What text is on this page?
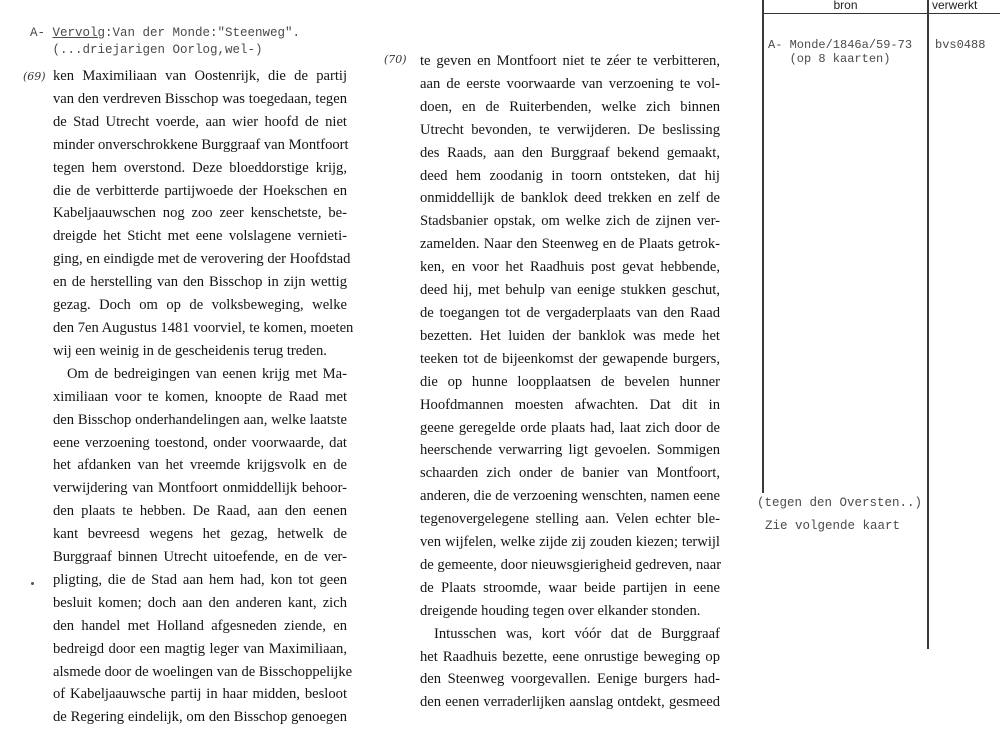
A- Vervolg:Van der Monde:"Steenweg".
(...driejarigen Oorlog,wel-)
(69)
(70)
ken Maximiliaan van Oostenrijk, die de partij
van den verdreven Bisschop was toegedaan, tegen
de Stad Utrecht voerde, aan wier hoofd de niet
minder onverschrokkene Burggraaf van Montfoort
tegen hem overstond. Deze bloeddorstige krijg,
die de verbitterde partijwoede der Hoekschen en
Kabeljaauwschen nog zoo zeer kenschetste, be-
dreigde het Sticht met eene volslagene vernieti-
ging, en eindigde met de verovering der Hoofdstad
en de herstelling van den Bisschop in zijn wettig
gezag. Doch om op de volksbeweging, welke
den 7en Augustus 1481 voorviel, te komen, moeten
wij een weinig in de gescheidenis terug treden.
Om de bedreigingen van eenen krijg met Ma-
ximiliaan voor te komen, knoopte de Raad met
den Bisschop onderhandelingen aan, welke laatste
eene verzoening toestond, onder voorwaarde, dat
het afdanken van het vreemde krijgsvolk en de
verwijdering van Montfoort onmiddellijk behoor-
den plaats te hebben. De Raad, aan den eenen
kant bevreesd wegens het gezag, hetwelk de
Burggraaf binnen Utrecht uitoefende, en de ver-
pligting, die de Stad aan hem had, kon tot geen
besluit komen; doch aan den anderen kant, zich
den handel met Holland afgesneden ziende, en
bedreigd door een magtig leger van Maximiliaan,
alsmede door de woelingen van de Bisschoppelijke
of Kabeljaauwsche partij in haar midden, besloot
de Regering eindelijk, om den Bisschop genoegen
te geven en Montfoort niet te zéer te verbitteren,
aan de eerste voorwaarde van verzoening te vol-
doen, en de Ruiterbenden, welke zich binnen
Utrecht bevonden, te verwijderen. De beslissing
des Raads, aan den Burggraaf bekend gemaakt,
deed hem zoodanig in toorn ontsteken, dat hij
onmiddellijk de banklok deed trekken en zelf de
Stadsbanier opstak, om welke zich de zijnen ver-
zamelden. Naar den Steenweg en de Plaats getrok-
ken, en voor het Raadhuis post gevat hebbende,
deed hij, met behulp van eenige stukken geschut,
de toegangen tot de vergaderplaats van den Raad
bezetten. Het luiden der banklok was mede het
teeken tot de bijeenkomst der gewapende burgers,
die op hunne loopplaatsen de bevelen hunner
Hoofdmannen moesten afwachten. Dat dit in
geene geregelde orde plaats had, laat zich door de
heerschende verwarring ligt gevoelen. Sommigen
schaarden zich onder de banier van Montfoort,
anderen, die de verzoening wenschten, namen eene
tegenovergelegene stelling aan. Velen echter ble-
ven wijfelen, welke zijde zij zouden kiezen; terwijl
de gemeente, door nieuwsgierigheid gedreven, naar
de Plaats stroomde, waar beide partijen in eene
dreigende houding tegen over elkander stonden.
Intusschen was, kort vóór dat de Burggraaf
het Raadhuis bezette, eene onrustige beweging op
den Steenweg voorgevallen. Eenige burgers had-
den eenen verraderlijken aanslag ontdekt, gesmeed
bron	verwerkt
A- Monde/1846a/59-73
(op 8 kaarten)
bvs0488
(tegen den Oversten..)
Zie volgende kaart
